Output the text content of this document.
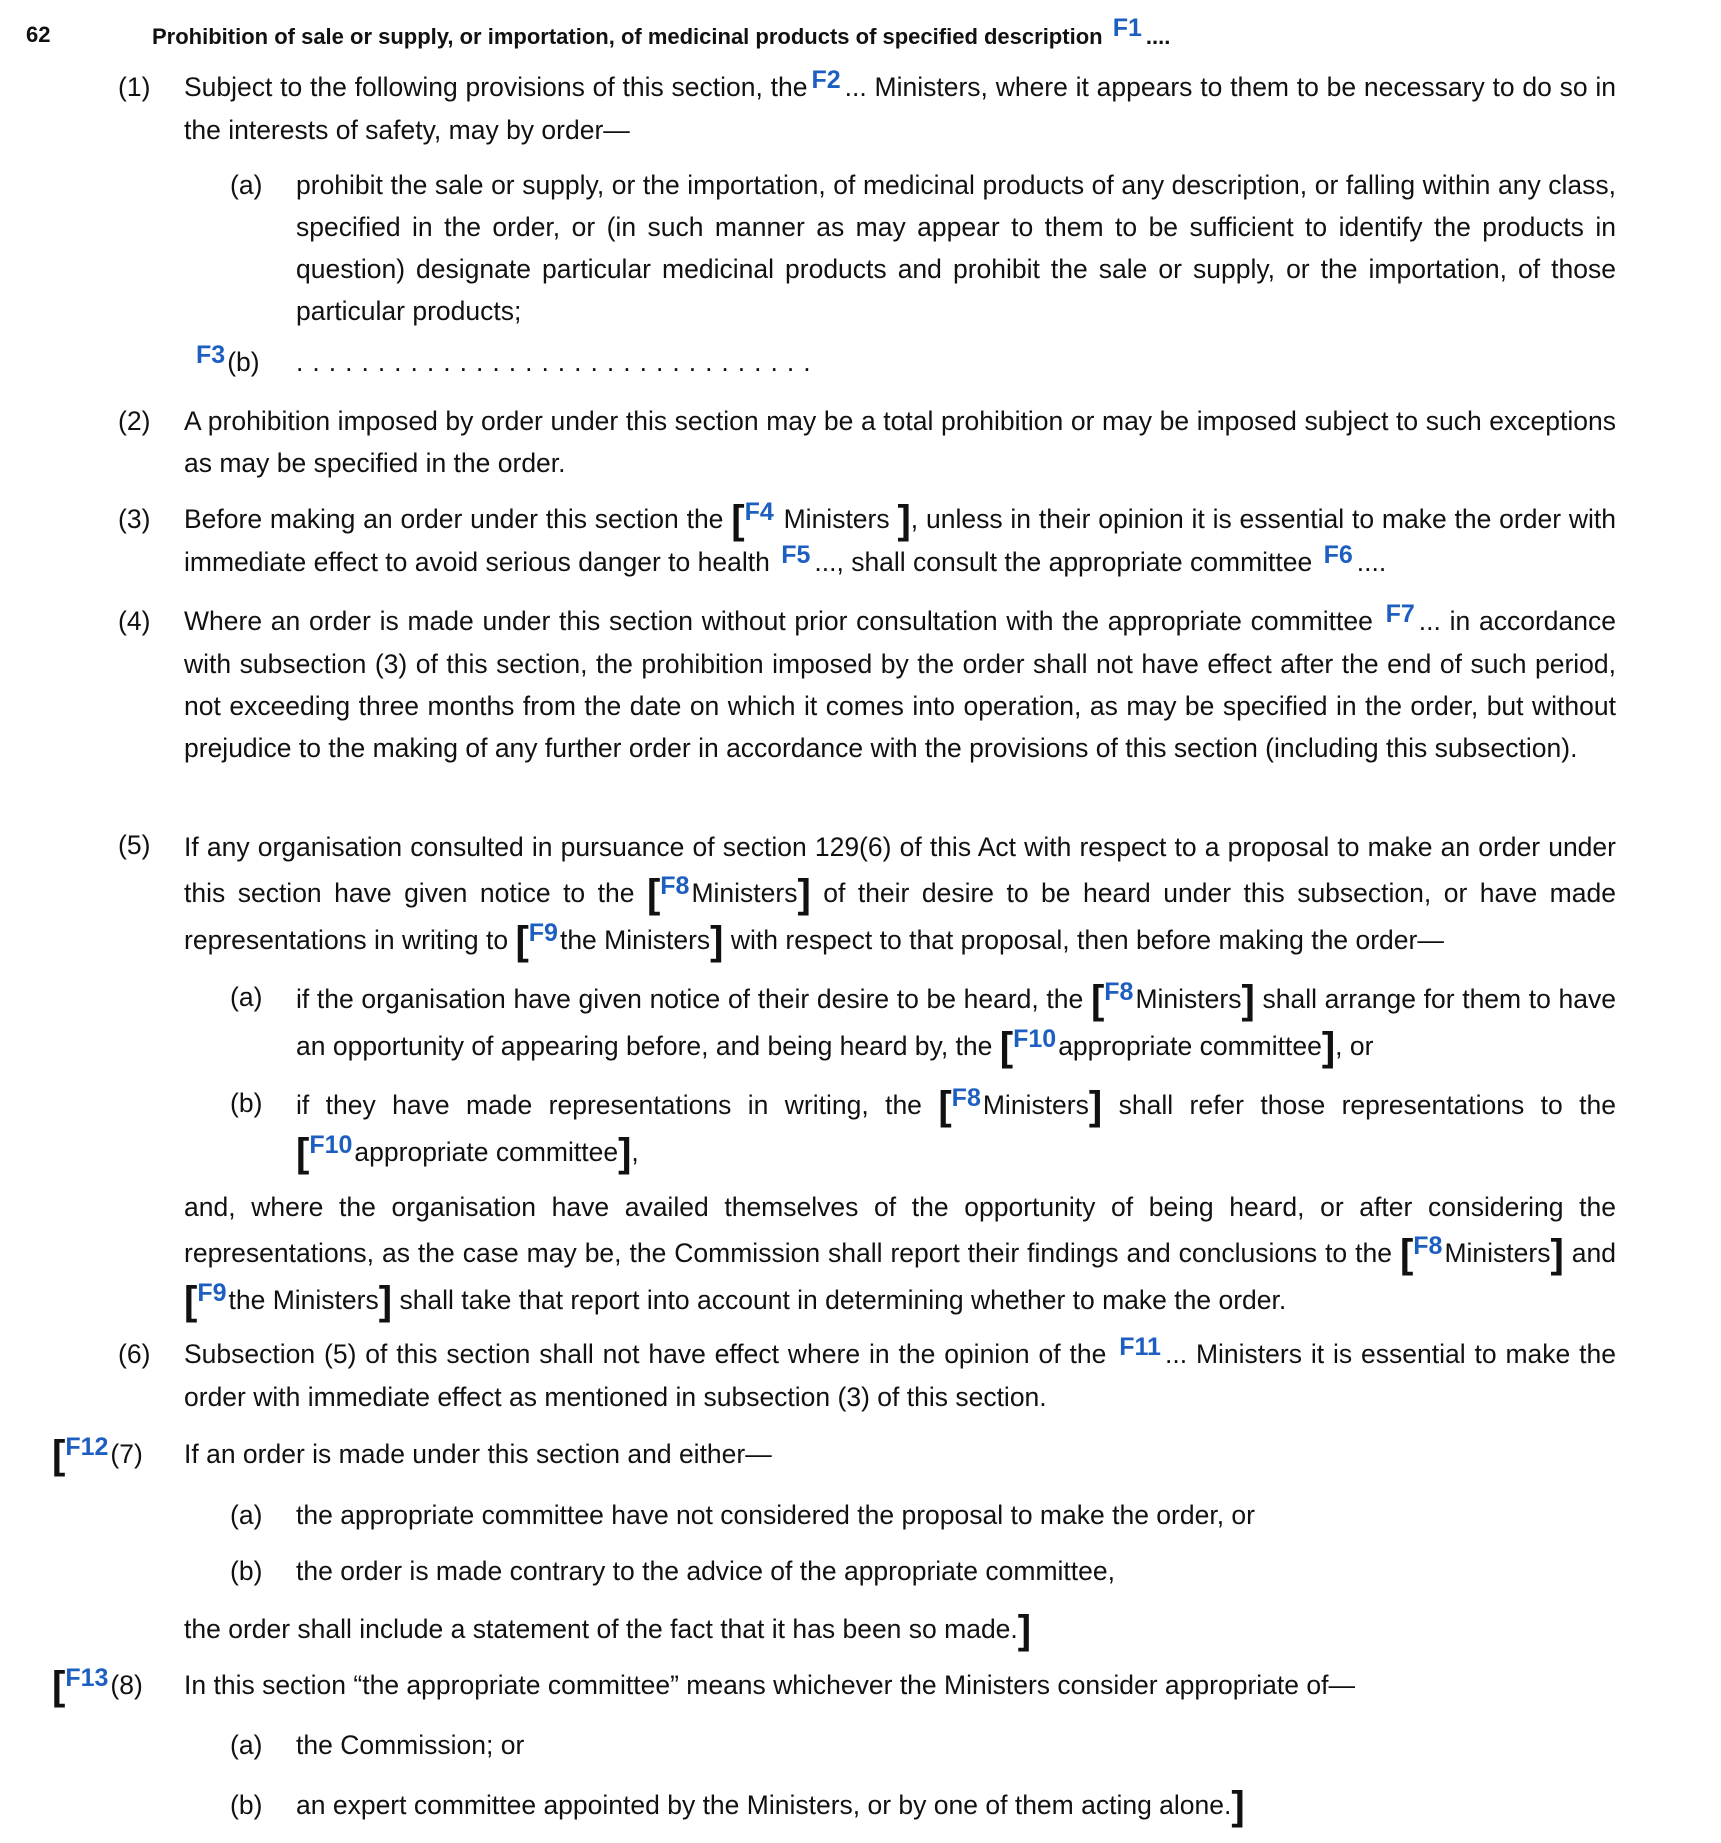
62	Prohibition of sale or supply, or importation, of medicinal products of specified description F1 ....
(1) Subject to the following provisions of this section, the F2 ... Ministers, where it appears to them to be necessary to do so in the interests of safety, may by order—
(a) prohibit the sale or supply, or the importation, of medicinal products of any description, or falling within any class, specified in the order, or (in such manner as may appear to them to be sufficient to identify the products in question) designate particular medicinal products and prohibit the sale or supply, or the importation, of those particular products;
F3(b) ................................
(2) A prohibition imposed by order under this section may be a total prohibition or may be imposed subject to such exceptions as may be specified in the order.
(3) Before making an order under this section the [F4 Ministers ], unless in their opinion it is essential to make the order with immediate effect to avoid serious danger to health F5 ..., shall consult the appropriate committee F6 ....
(4) Where an order is made under this section without prior consultation with the appropriate committee F7 ... in accordance with subsection (3) of this section, the prohibition imposed by the order shall not have effect after the end of such period, not exceeding three months from the date on which it comes into operation, as may be specified in the order, but without prejudice to the making of any further order in accordance with the provisions of this section (including this subsection).
(5) If any organisation consulted in pursuance of section 129(6) of this Act with respect to a proposal to make an order under this section have given notice to the [F8Ministers] of their desire to be heard under this subsection, or have made representations in writing to [F9the Ministers] with respect to that proposal, then before making the order—
(a) if the organisation have given notice of their desire to be heard, the [F8Ministers] shall arrange for them to have an opportunity of appearing before, and being heard by, the [F10appropriate committee], or
(b) if they have made representations in writing, the [F8Ministers] shall refer those representations to the [F10appropriate committee],
and, where the organisation have availed themselves of the opportunity of being heard, or after considering the representations, as the case may be, the Commission shall report their findings and conclusions to the [F8Ministers] and [F9the Ministers] shall take that report into account in determining whether to make the order.
(6) Subsection (5) of this section shall not have effect where in the opinion of the F11 ... Ministers it is essential to make the order with immediate effect as mentioned in subsection (3) of this section.
[F12(7) If an order is made under this section and either—
(a) the appropriate committee have not considered the proposal to make the order, or
(b) the order is made contrary to the advice of the appropriate committee,
the order shall include a statement of the fact that it has been so made.]
[F13(8) In this section “the appropriate committee” means whichever the Ministers consider appropriate of—
(a) the Commission; or
(b) an expert committee appointed by the Ministers, or by one of them acting alone.]
